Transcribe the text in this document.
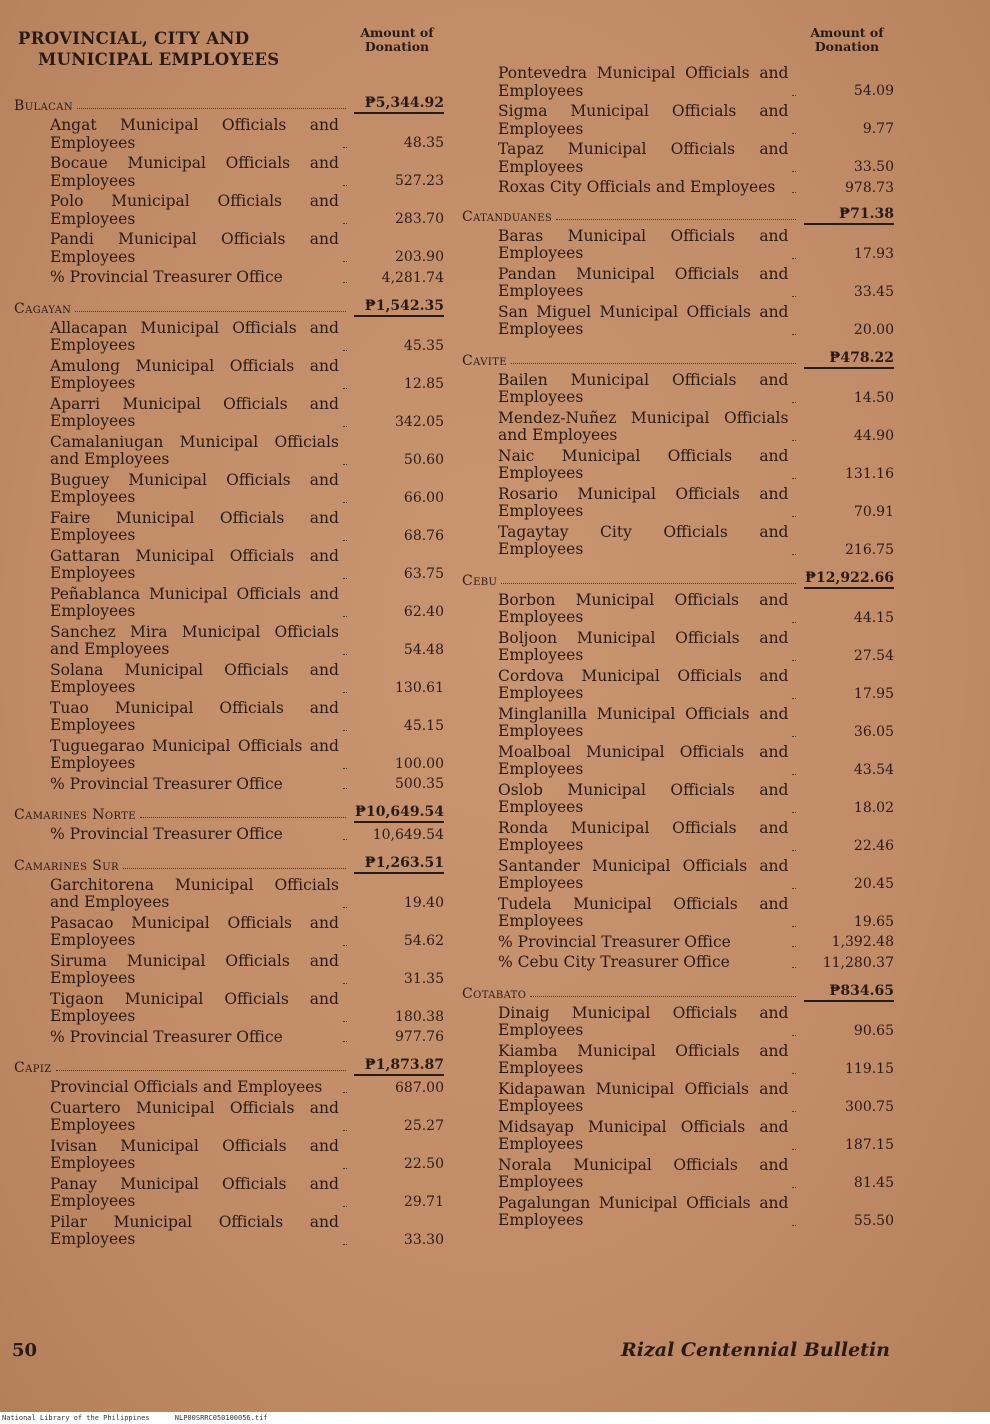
PROVINCIAL, CITY AND
MUNICIPAL EMPLOYEES
Amount of
Donation
Bulacan	₱5,344.92
Angat Municipal Officials and Employees	48.35
Bocaue Municipal Officials and Employees	527.23
Polo Municipal Officials and Employees	283.70
Pandi Municipal Officials and Employees	203.90
% Provincial Treasurer Office	4,281.74
Cagayan	₱1,542.35
Allacapan Municipal Officials and Employees	45.35
Amulong Municipal Officials and Employees	12.85
Aparri Municipal Officials and Employees	342.05
Camalaniugan Municipal Officials and Employees	50.60
Buguey Municipal Officials and Employees	66.00
Faire Municipal Officials and Employees	68.76
Gattaran Municipal Officials and Employees	63.75
Peñablanca Municipal Officials and Employees	62.40
Sanchez Mira Municipal Officials and Employees	54.48
Solana Municipal Officials and Employees	130.61
Tuao Municipal Officials and Employees	45.15
Tuguegarao Municipal Officials and Employees	100.00
% Provincial Treasurer Office	500.35
Camarines Norte	₱10,649.54
% Provincial Treasurer Office	10,649.54
Camarines Sur	₱1,263.51
Garchitorena Municipal Officials and Employees	19.40
Pasacao Municipal Officials and Employees	54.62
Siruma Municipal Officials and Employees	31.35
Tigaon Municipal Officials and Employees	180.38
% Provincial Treasurer Office	977.76
Capiz	₱1,873.87
Provincial Officials and Employees	687.00
Cuartero Municipal Officials and Employees	25.27
Ivisan Municipal Officials and Employees	22.50
Panay Municipal Officials and Employees	29.71
Pilar Municipal Officials and Employees	33.30
Amount of
Donation
Pontevedra Municipal Officials and Employees	54.09
Sigma Municipal Officials and Employees	9.77
Tapaz Municipal Officials and Employees	33.50
Roxas City Officials and Employees	978.73
Catanduanes	₱71.38
Baras Municipal Officials and Employees	17.93
Pandan Municipal Officials and Employees	33.45
San Miguel Municipal Officials and Employees	20.00
Cavite	₱478.22
Bailen Municipal Officials and Employees	14.50
Mendez-Nuñez Municipal Officials and Employees	44.90
Naic Municipal Officials and Employees	131.16
Rosario Municipal Officials and Employees	70.91
Tagaytay City Officials and Employees	216.75
Cebu	₱12,922.66
Borbon Municipal Officials and Employees	44.15
Boljoon Municipal Officials and Employees	27.54
Cordova Municipal Officials and Employees	17.95
Minglanilla Municipal Officials and Employees	36.05
Moalboal Municipal Officials and Employees	43.54
Oslob Municipal Officials and Employees	18.02
Ronda Municipal Officials and Employees	22.46
Santander Municipal Officials and Employees	20.45
Tudela Municipal Officials and Employees	19.65
% Provincial Treasurer Office	1,392.48
% Cebu City Treasurer Office	11,280.37
Cotabato	₱834.65
Dinaig Municipal Officials and Employees	90.65
Kiamba Municipal Officials and Employees	119.15
Kidapawan Municipal Officials and Employees	300.75
Midsayap Municipal Officials and Employees	187.15
Norala Municipal Officials and Employees	81.45
Pagalungan Municipal Officials and Employees	55.50
50	Rizal Centennial Bulletin
National Library of the Philippines      NLP00SRRC050100056.tif
